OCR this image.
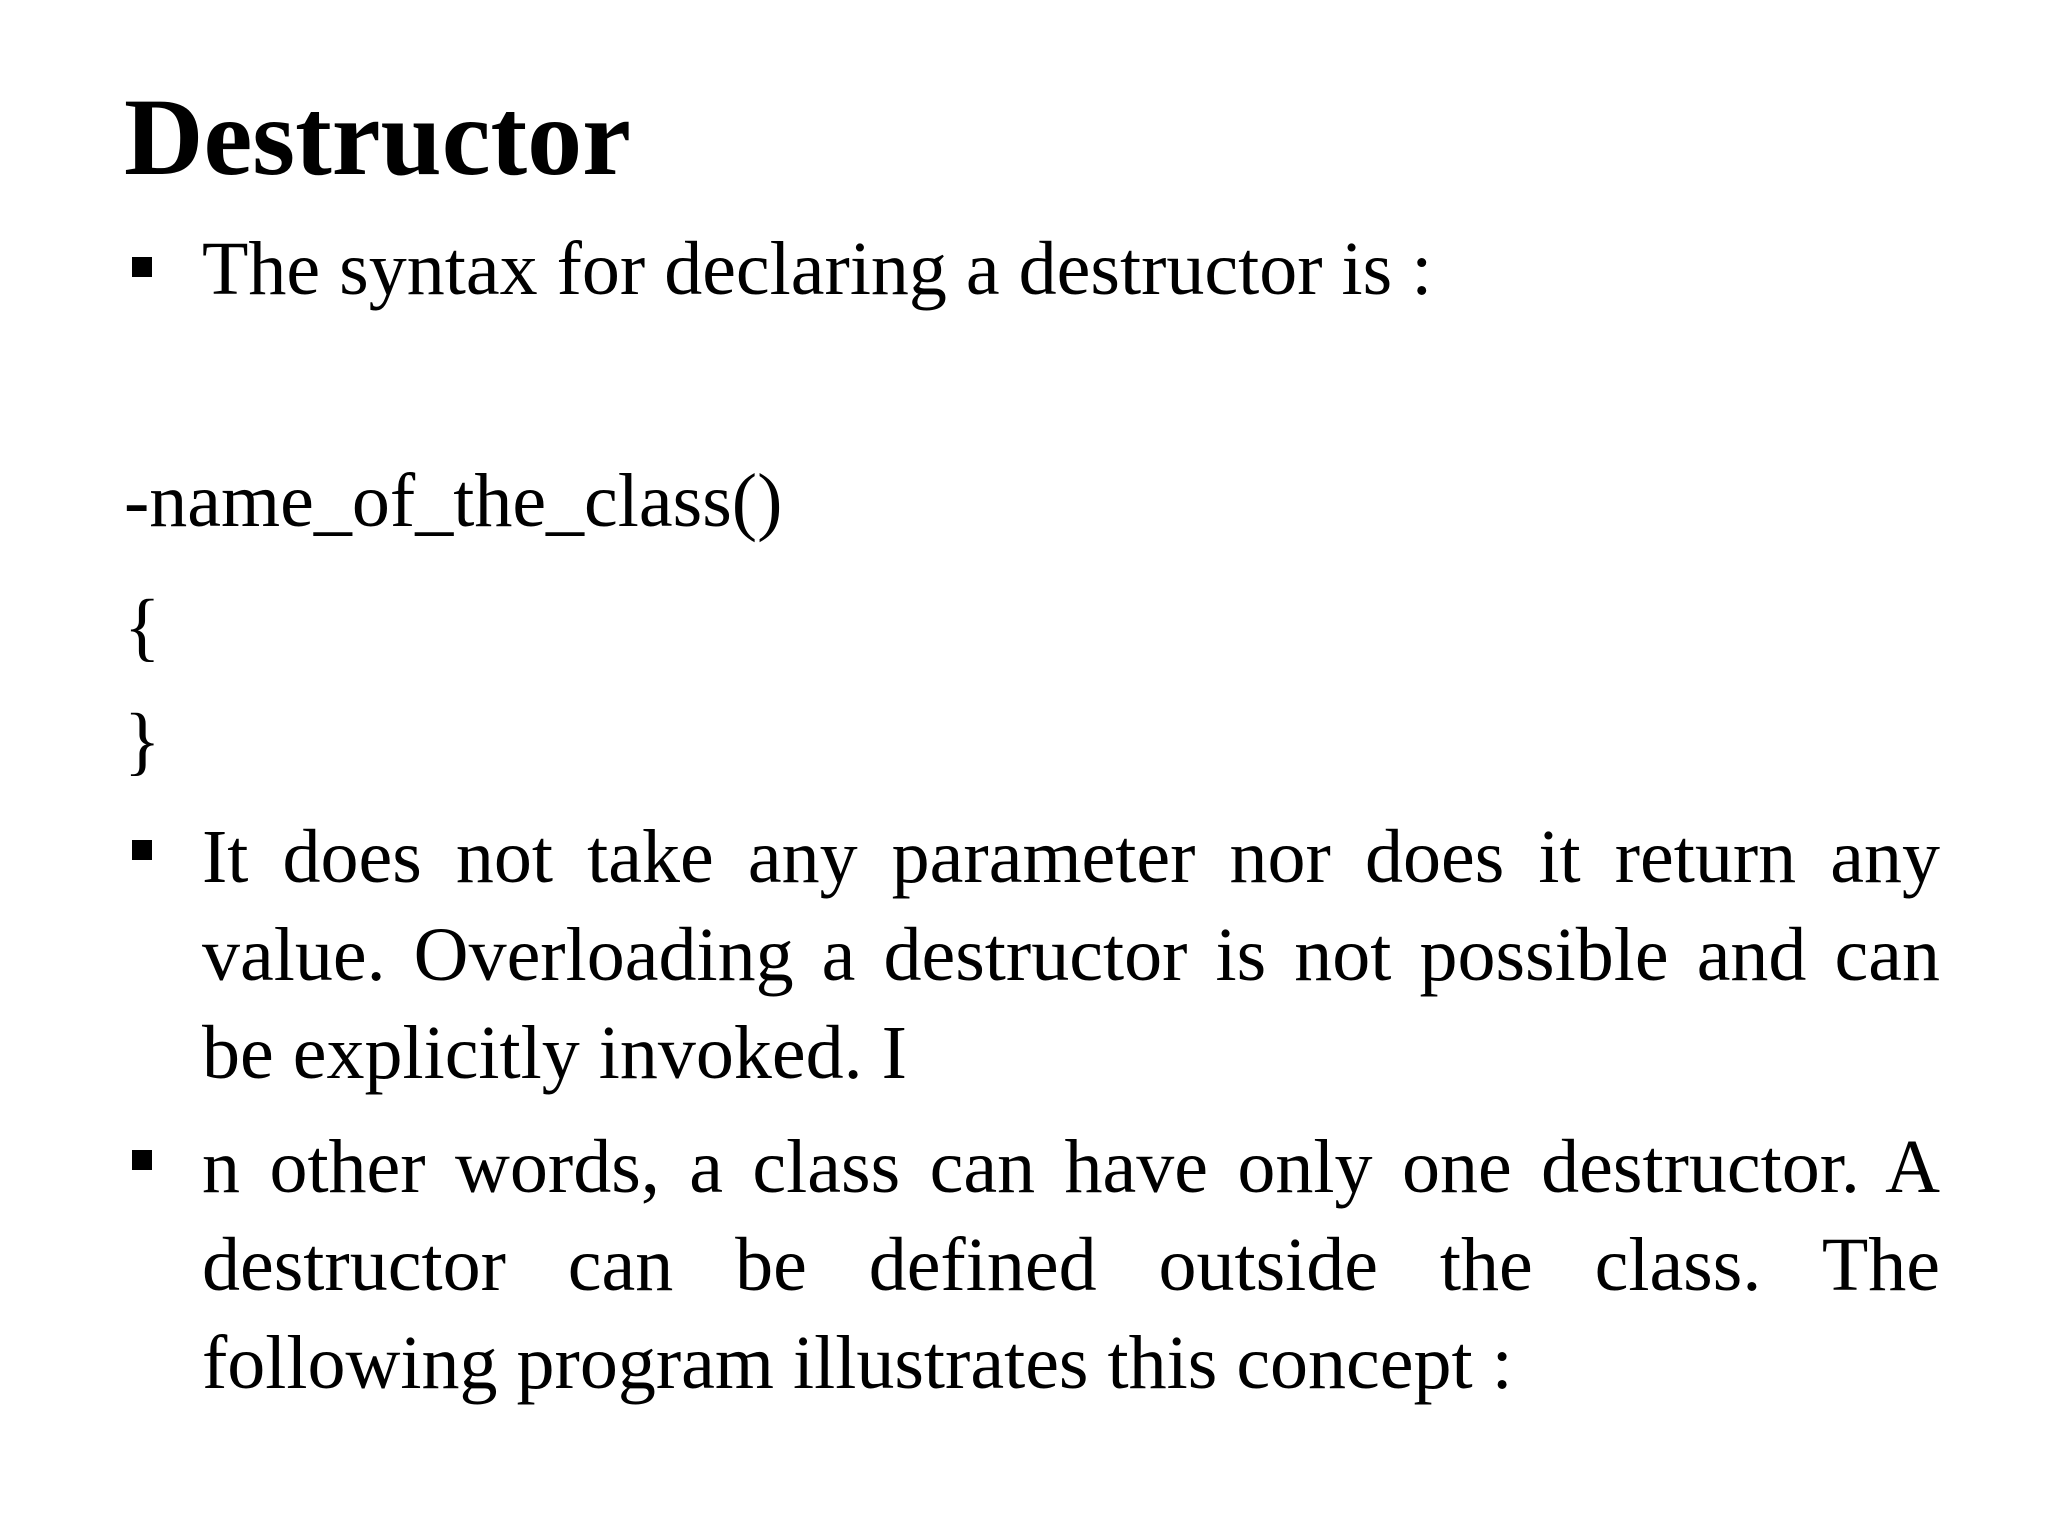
Destructor

The syntax for declaring a destructor is :

-name_of_the_class()

{

}

It does not take any parameter nor does it return any value. Overloading a destructor is not possible and can be explicitly invoked. I

n other words, a class can have only one destructor. A destructor can be defined outside the class. The following program illustrates this concept :
